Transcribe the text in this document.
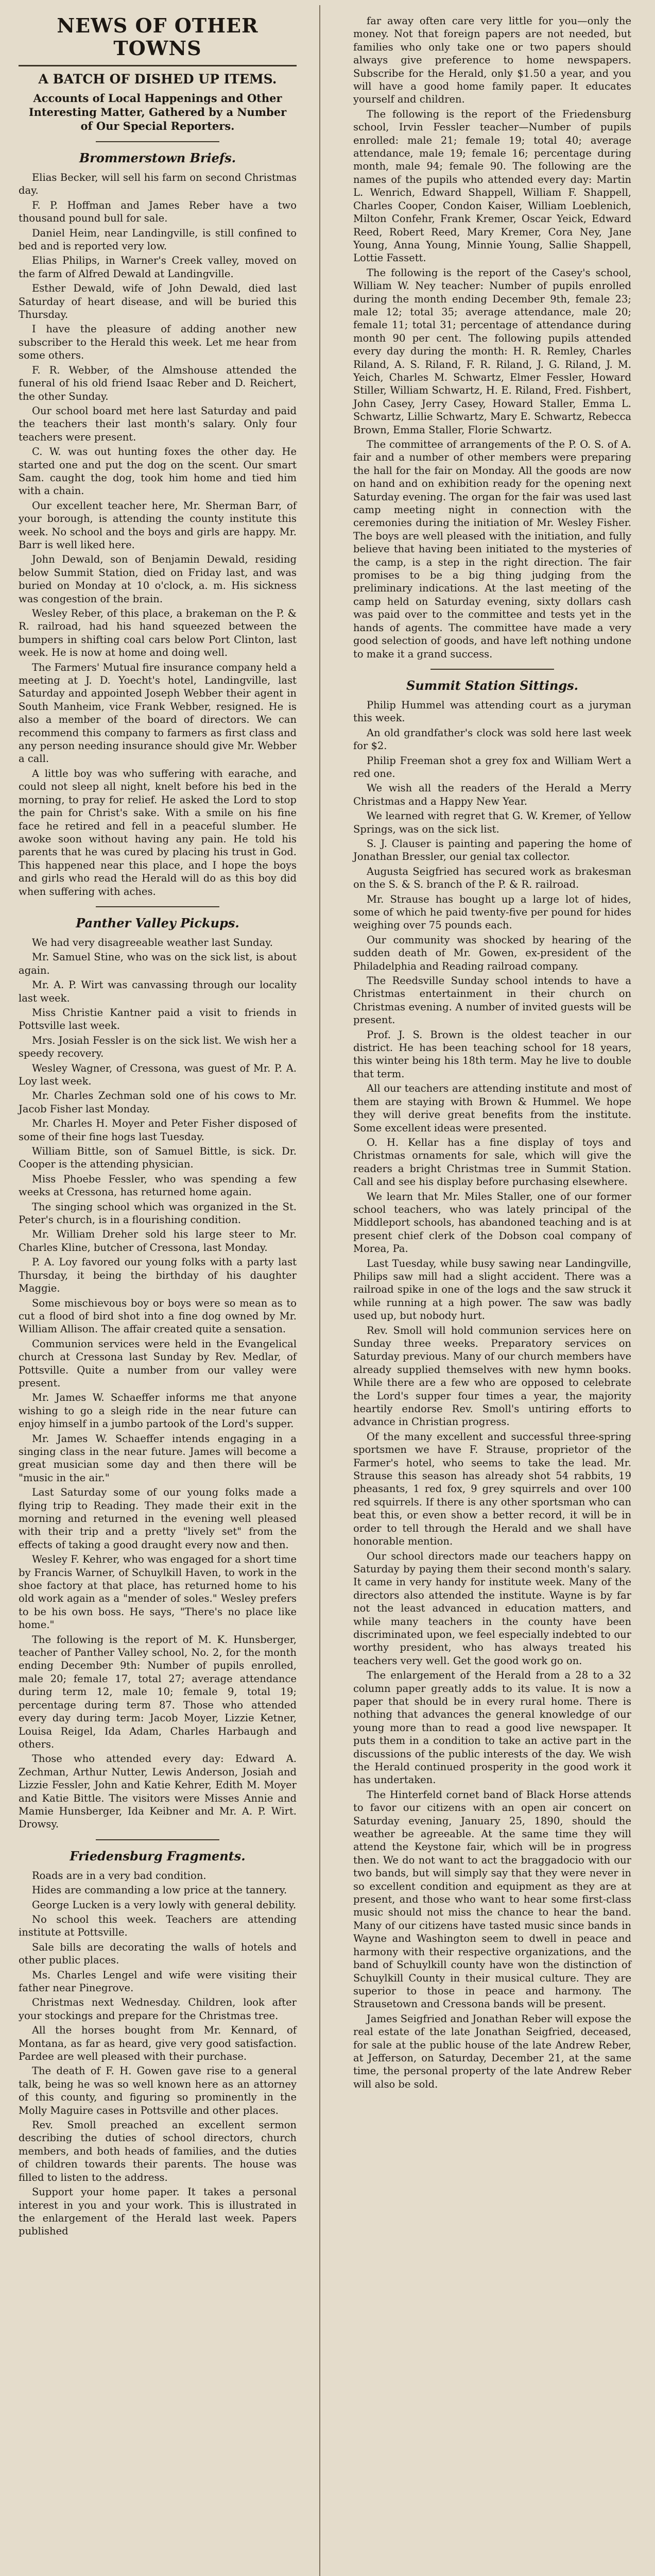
NEWS OF OTHER TOWNS
A BATCH OF DISHED UP ITEMS.
Accounts of Local Happenings and Other Interesting Matter, Gathered by a Number of Our Special Reporters.
Brommerstown Briefs.

Elias Becker, will sell his farm on second Christmas day.

F. P. Hoffman and James Reber have a two thousand pound bull for sale.

Daniel Heim, near Landingville, is still confined to bed and is reported very low.

Elias Philips, in Warner's Creek valley, moved on the farm of Alfred Dewald at Landingville.

Esther Dewald, wife of John Dewald, died last Saturday of heart disease, and will be buried this Thursday.

I have the pleasure of adding another new subscriber to the Herald this week. Let me hear from some others.

F. R. Webber, of the Almshouse attended the funeral of his old friend Isaac Reber and D. Reichert, the other Sunday.

Our school board met here last Saturday and paid the teachers their last month's salary. Only four teachers were present.

C. W. was out hunting foxes the other day. He started one and put the dog on the scent. Our smart Sam. caught the dog, took him home and tied him with a chain.

Our excellent teacher here, Mr. Sherman Barr, of your borough, is attending the county institute this week. No school and the boys and girls are happy. Mr. Barr is well liked here.

John Dewald, son of Benjamin Dewald, residing below Summit Station, died on Friday last, and was buried on Monday at 10 o'clock, a. m. His sickness was congestion of the brain.

Wesley Reber, of this place, a brakeman on the P. & R. railroad, had his hand squeezed between the bumpers in shifting coal cars below Port Clinton, last week. He is now at home and doing well.

The Farmers' Mutual fire insurance company held a meeting at J. D. Yoecht's hotel, Landingville, last Saturday and appointed Joseph Webber their agent in South Manheim, vice Frank Webber, resigned. He is also a member of the board of directors. We can recommend this company to farmers as first class and any person needing insurance should give Mr. Webber a call.

A little boy was who suffering with earache, and could not sleep all night, knelt before his bed in the morning, to pray for relief. He asked the Lord to stop the pain for Christ's sake. With a smile on his fine face he retired and fell in a peaceful slumber. He awoke soon without having any pain. He told his parents that he was cured by placing his trust in God. This happened near this place, and I hope the boys and girls who read the Herald will do as this boy did when suffering with aches.

Panther Valley Pickups.

We had very disagreeable weather last Sunday.

Mr. Samuel Stine, who was on the sick list, is about again.

Mr. A. P. Wirt was canvassing through our locality last week.

Miss Christie Kantner paid a visit to friends in Pottsville last week.

Mrs. Josiah Fessler is on the sick list. We wish her a speedy recovery.

Wesley Wagner, of Cressona, was guest of Mr. P. A. Loy last week.

Mr. Charles Zechman sold one of his cows to Mr. Jacob Fisher last Monday.

Mr. Charles H. Moyer and Peter Fisher disposed of some of their fine hogs last Tuesday.

William Bittle, son of Samuel Bittle, is sick. Dr. Cooper is the attending physician.

Miss Phoebe Fessler, who was spending a few weeks at Cressona, has returned home again.

The singing school which was organized in the St. Peter's church, is in a flourishing condition.

Mr. William Dreher sold his large steer to Mr. Charles Kline, butcher of Cressona, last Monday.

P. A. Loy favored our young folks with a party last Thursday, it being the birthday of his daughter Maggie.

Some mischievous boy or boys were so mean as to cut a flood of bird shot into a fine dog owned by Mr. William Allison. The affair created quite a sensation.

Communion services were held in the Evangelical church at Cressona last Sunday by Rev. Medlar, of Pottsville. Quite a number from our valley were present.

Mr. James W. Schaeffer informs me that anyone wishing to go a sleigh ride in the near future can enjoy himself in a jumbo partook of the Lord's supper.

Mr. James W. Schaeffer intends engaging in a singing class in the near future. James will become a great musician some day and then there will be "music in the air."

Last Saturday some of our young folks made a flying trip to Reading. They made their exit in the morning and returned in the evening well pleased with their trip and a pretty "lively set" from the effects of taking a good draught every now and then.

Wesley F. Kehrer, who was engaged for a short time by Francis Warner, of Schuylkill Haven, to work in the shoe factory at that place, has returned home to his old work again as a "mender of soles." Wesley prefers to be his own boss. He says, "There's no place like home."

The following is the report of M. K. Hunsberger, teacher of Panther Valley school, No. 2, for the month ending December 9th: Number of pupils enrolled, male 20; female 17, total 27; average attendance during term 12, male 10; female 9, total 19; percentage during term 87. Those who attended every day during term: Jacob Moyer, Lizzie Ketner, Louisa Reigel, Ida Adam, Charles Harbaugh and others.

Those who attended every day: Edward A. Zechman, Arthur Nutter, Lewis Anderson, Josiah and Lizzie Fessler, John and Katie Kehrer, Edith M. Moyer and Katie Bittle. The visitors were Misses Annie and Mamie Hunsberger, Ida Keibner and Mr. A. P. Wirt. Drowsy.

Friedensburg Fragments.

Roads are in a very bad condition.

Hides are commanding a low price at the tannery.

George Lucken is a very lowly with general debility.

No school this week. Teachers are attending institute at Pottsville.

Sale bills are decorating the walls of hotels and other public places.

Ms. Charles Lengel and wife were visiting their father near Pinegrove.

Christmas next Wednesday. Children, look after your stockings and prepare for the Christmas tree.

All the horses bought from Mr. Kennard, of Montana, as far as heard, give very good satisfaction. Pardee are well pleased with their purchase.

The death of F. H. Gowen gave rise to a general talk, being he was so well known here as an attorney of this county, and figuring so prominently in the Molly Maguire cases in Pottsville and other places.

Rev. Smoll preached an excellent sermon describing the duties of school directors, church members, and both heads of families, and the duties of children towards their parents. The house was filled to listen to the address.

Support your home paper. It takes a personal interest in you and your work. This is illustrated in the enlargement of the Herald last week. Papers published

far away often care very little for you—only the money. Not that foreign papers are not needed, but families who only take one or two papers should always give preference to home newspapers. Subscribe for the Herald, only $1.50 a year, and you will have a good home family paper. It educates yourself and children.

The following is the report of the Friedensburg school, Irvin Fessler teacher—Number of pupils enrolled: male 21; female 19; total 40; average attendance, male 19; female 16; percentage during month, male 94; female 90. The following are the names of the pupils who attended every day: Martin L. Wenrich, Edward Shappell, William F. Shappell, Charles Cooper, Condon Kaiser, William Loeblenich, Milton Confehr, Frank Kremer, Oscar Yeick, Edward Reed, Robert Reed, Mary Kremer, Cora Ney, Jane Young, Anna Young, Minnie Young, Sallie Shappell, Lottie Fassett.

The following is the report of the Casey's school, William W. Ney teacher: Number of pupils enrolled during the month ending December 9th, female 23; male 12; total 35; average attendance, male 20; female 11; total 31; percentage of attendance during month 90 per cent. The following pupils attended every day during the month: H. R. Remley, Charles Riland, A. S. Riland, F. R. Riland, J. G. Riland, J. M. Yeich, Charles M. Schwartz, Elmer Fessler, Howard Stiller, William Schwartz, H. E. Riland, Fred. Fishbert, John Casey, Jerry Casey, Howard Staller, Emma L. Schwartz, Lillie Schwartz, Mary E. Schwartz, Rebecca Brown, Emma Staller, Florie Schwartz.

The committee of arrangements of the P. O. S. of A. fair and a number of other members were preparing the hall for the fair on Monday. All the goods are now on hand and on exhibition ready for the opening next Saturday evening. The organ for the fair was used last camp meeting night in connection with the ceremonies during the initiation of Mr. Wesley Fisher. The boys are well pleased with the initiation, and fully believe that having been initiated to the mysteries of the camp, is a step in the right direction. The fair promises to be a big thing judging from the preliminary indications. At the last meeting of the camp held on Saturday evening, sixty dollars cash was paid over to the committee and tests yet in the hands of agents. The committee have made a very good selection of goods, and have left nothing undone to make it a grand success.

Summit Station Sittings.

Philip Hummel was attending court as a juryman this week.

An old grandfather's clock was sold here last week for $2.

Philip Freeman shot a grey fox and William Wert a red one.

We wish all the readers of the Herald a Merry Christmas and a Happy New Year.

We learned with regret that G. W. Kremer, of Yellow Springs, was on the sick list.

S. J. Clauser is painting and papering the home of Jonathan Bressler, our genial tax collector.

Augusta Seigfried has secured work as brakesman on the S. & S. branch of the P. & R. railroad.

Mr. Strause has bought up a large lot of hides, some of which he paid twenty-five per pound for hides weighing over 75 pounds each.

Our community was shocked by hearing of the sudden death of Mr. Gowen, ex-president of the Philadelphia and Reading railroad company.

The Reedsville Sunday school intends to have a Christmas entertainment in their church on Christmas evening. A number of invited guests will be present.

Prof. J. S. Brown is the oldest teacher in our district. He has been teaching school for 18 years, this winter being his 18th term. May he live to double that term.

All our teachers are attending institute and most of them are staying with Brown & Hummel. We hope they will derive great benefits from the institute. Some excellent ideas were presented.

O. H. Kellar has a fine display of toys and Christmas ornaments for sale, which will give the readers a bright Christmas tree in Summit Station. Call and see his display before purchasing elsewhere.

We learn that Mr. Miles Staller, one of our former school teachers, who was lately principal of the Middleport schools, has abandoned teaching and is at present chief clerk of the Dobson coal company of Morea, Pa.

Last Tuesday, while busy sawing near Landingville, Philips saw mill had a slight accident. There was a railroad spike in one of the logs and the saw struck it while running at a high power. The saw was badly used up, but nobody hurt.

Rev. Smoll will hold communion services here on Sunday three weeks. Preparatory services on Saturday previous. Many of our church members have already supplied themselves with new hymn books. While there are a few who are opposed to celebrate the Lord's supper four times a year, the majority heartily endorse Rev. Smoll's untiring efforts to advance in Christian progress.

Of the many excellent and successful three-spring sportsmen we have F. Strause, proprietor of the Farmer's hotel, who seems to take the lead. Mr. Strause this season has already shot 54 rabbits, 19 pheasants, 1 red fox, 9 grey squirrels and over 100 red squirrels. If there is any other sportsman who can beat this, or even show a better record, it will be in order to tell through the Herald and we shall have honorable mention.

Our school directors made our teachers happy on Saturday by paying them their second month's salary. It came in very handy for institute week. Many of the directors also attended the institute. Wayne is by far not the least advanced in education matters, and while many teachers in the county have been discriminated upon, we feel especially indebted to our worthy president, who has always treated his teachers very well. Get the good work go on.

The enlargement of the Herald from a 28 to a 32 column paper greatly adds to its value. It is now a paper that should be in every rural home. There is nothing that advances the general knowledge of our young more than to read a good live newspaper. It puts them in a condition to take an active part in the discussions of the public interests of the day. We wish the Herald continued prosperity in the good work it has undertaken.

The Hinterfeld cornet band of Black Horse attends to favor our citizens with an open air concert on Saturday evening, January 25, 1890, should the weather be agreeable. At the same time they will attend the Keystone fair, which will be in progress then. We do not want to act the braggadocio with our two bands, but will simply say that they were never in so excellent condition and equipment as they are at present, and those who want to hear some first-class music should not miss the chance to hear the band. Many of our citizens have tasted music since bands in Wayne and Washington seem to dwell in peace and harmony with their respective organizations, and the band of Schuylkill county have won the distinction of Schuylkill County in their musical culture. They are superior to those in peace and harmony. The Strausetown and Cressona bands will be present.

James Seigfried and Jonathan Reber will expose the real estate of the late Jonathan Seigfried, deceased, for sale at the public house of the late Andrew Reber, at Jefferson, on Saturday, December 21, at the same time, the personal property of the late Andrew Reber will also be sold.
